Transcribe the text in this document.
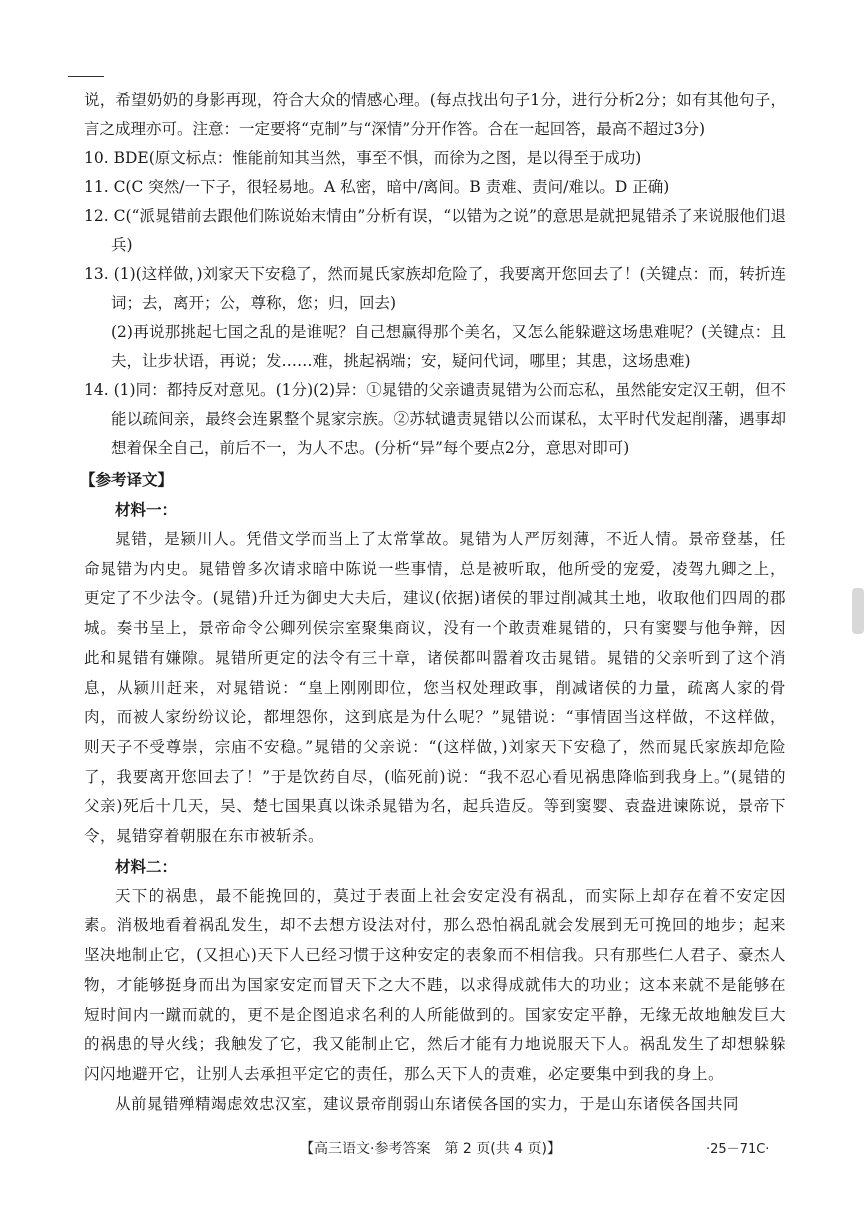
说，希望奶奶的身影再现，符合大众的情感心理。(每点找出句子1分，进行分析2分；如有其他句子，言之成理亦可。注意：一定要将“克制”与“深情”分开作答。合在一起回答，最高不超过3分)

10. BDE(原文标点：惟能前知其当然，事至不惧，而徐为之图，是以得至于成功)

11. C(C 突然/一下子，很轻易地。A 私密，暗中/离间。B 责难、责问/难以。D 正确)

12. C(“派晁错前去跟他们陈说始末情由”分析有误，“以错为之说”的意思是就把晁错杀了来说服他们退兵)

13. (1)(这样做，)刘家天下安稳了，然而晁氏家族却危险了，我要离开您回去了！(关键点：而，转折连词；去，离开；公，尊称，您；归，回去)

(2)再说那挑起七国之乱的是谁呢？自己想赢得那个美名，又怎么能躲避这场患难呢？(关键点：且夫，让步状语，再说；发……难，挑起祸端；安，疑问代词，哪里；其患，这场患难)

14. (1)同：都持反对意见。(1分)(2)异：①晁错的父亲谴责晁错为公而忘私，虽然能安定汉王朝，但不能以疏间亲，最终会连累整个晁家宗族。②苏轼谴责晁错以公而谋私，太平时代发起削藩，遇事却想着保全自己，前后不一，为人不忠。(分析“异”每个要点2分，意思对即可)

【参考译文】
材料一：

晁错，是颍川人。凭借文学而当上了太常掌故。晁错为人严厉刻薄，不近人情。景帝登基，任命晁错为内史。晁错曾多次请求暗中陈说一些事情，总是被听取，他所受的宠爱，凌驾九卿之上，更定了不少法令。(晁错)升迁为御史大夫后，建议(依据)诸侯的罪过削减其土地，收取他们四周的郡城。奏书呈上，景帝命令公卿列侯宗室聚集商议，没有一个敢责难晁错的，只有窦婴与他争辩，因此和晁错有嫌隙。晁错所更定的法令有三十章，诸侯都叫嚣着攻击晁错。晁错的父亲听到了这个消息，从颍川赶来，对晁错说：“皇上刚刚即位，您当权处理政事，削减诸侯的力量，疏离人家的骨肉，而被人家纷纷议论，都埋怨你，这到底是为什么呢？”晁错说：“事情固当这样做，不这样做，则天子不受尊崇，宗庙不安稳。”晁错的父亲说：“(这样做，)刘家天下安稳了，然而晁氏家族却危险了，我要离开您回去了！”于是饮药自尽，(临死前)说：“我不忍心看见祸患降临到我身上。”(晁错的父亲)死后十几天，吴、楚七国果真以诛杀晁错为名，起兵造反。等到窦婴、袁盎进谏陈说，景帝下令，晁错穿着朝服在东市被斩杀。

材料二：

天下的祸患，最不能挽回的，莫过于表面上社会安定没有祸乱，而实际上却存在着不安定因素。消极地看着祸乱发生，却不去想方设法对付，那么恐怕祸乱就会发展到无可挽回的地步；起来坚决地制止它，(又担心)天下人已经习惯于这种安定的表象而不相信我。只有那些仁人君子、豪杰人物，才能够挺身而出为国家安定而冒天下之大不韪，以求得成就伟大的功业；这本来就不是能够在短时间内一蹴而就的，更不是企图追求名利的人所能做到的。国家安定平静，无缘无故地触发巨大的祸患的导火线；我触发了它，我又能制止它，然后才能有力地说服天下人。祸乱发生了却想躲躲闪闪地避开它，让别人去承担平定它的责任，那么天下人的责难，必定要集中到我的身上。

从前晁错殚精竭虑效忠汉室，建议景帝削弱山东诸侯各国的实力，于是山东诸侯各国共同

【高三语文·参考答案　第 2 页(共 4 页)】	·25－71C·
